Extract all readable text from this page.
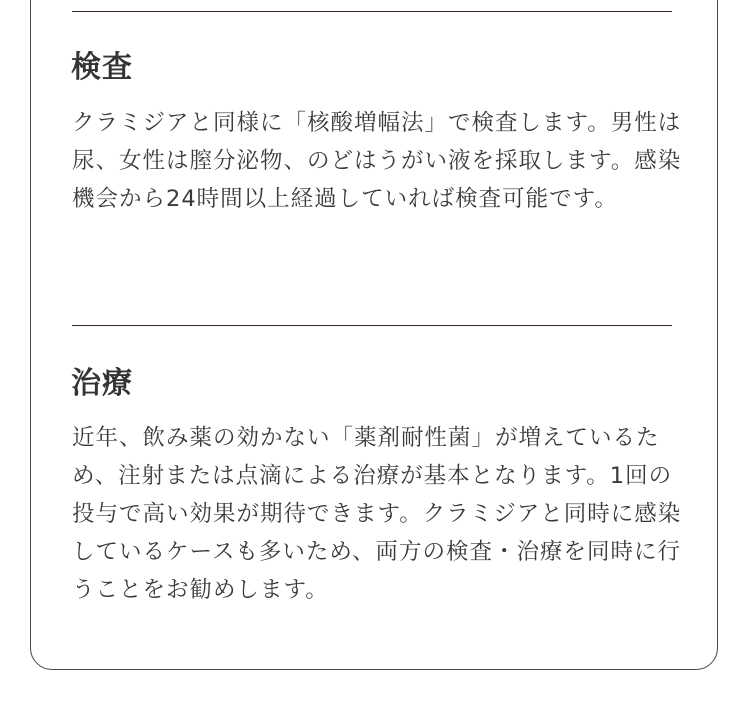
検査

クラミジアと同様に「核酸増幅法」で検査します。男性は尿、女性は膣分泌物、のどはうがい液を採取します。感染機会から24時間以上経過していれば検査可能です。

治療

近年、飲み薬の効かない「薬剤耐性菌」が増えているため、注射または点滴による治療が基本となります。1回の投与で高い効果が期待できます。クラミジアと同時に感染しているケースも多いため、両方の検査・治療を同時に行うことをお勧めします。
